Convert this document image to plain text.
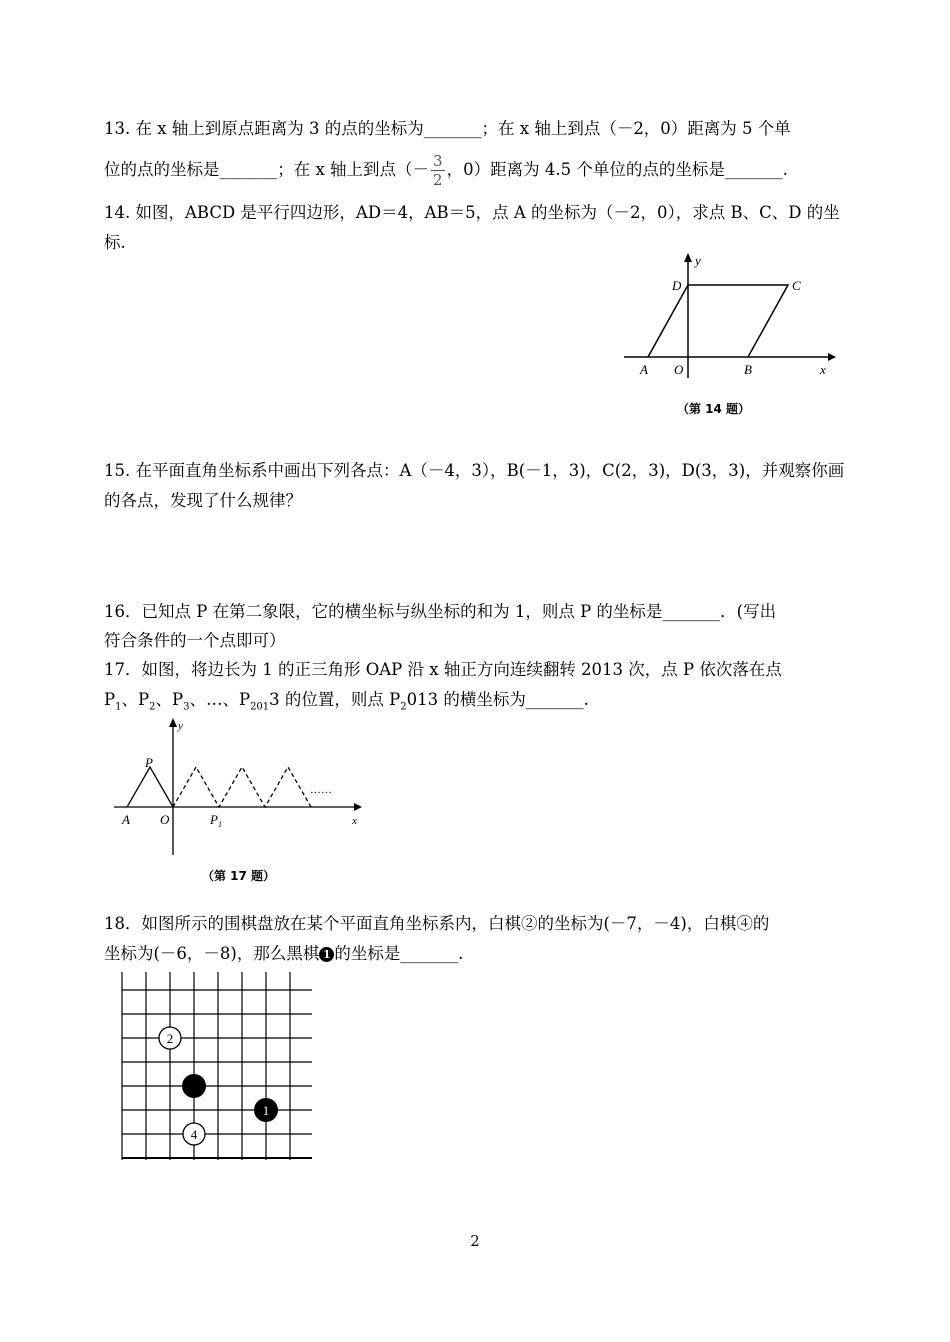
13. 在 x 轴上到原点距离为 3 的点的坐标为_______；在 x 轴上到点（－2，0）距离为 5 个单
位的点的坐标是_______；在 x 轴上到点（－ $\frac{3}{2}$ ，0）距离为 4.5 个单位的点的坐标是_______.
14. 如图，ABCD 是平行四边形，AD＝4，AB＝5，点 A 的坐标为（－2，0），求点 B、C、D 的坐
标.
y
D	C
A O	B	x
（第 14 题）
15. 在平面直角坐标系中画出下列各点：A（－4，3），B(－1，3)，C(2，3)，D(3，3)，并观察你画
的各点，发现了什么规律？
16．已知点 P 在第二象限，它的横坐标与纵坐标的和为 1，则点 P 的坐标是_______．(写出
符合条件的一个点即可）
17．如图，将边长为 1 的正三角形 OAP 沿 x 轴正方向连续翻转 2013 次，点 P 依次落在点
$P_1$、$P_2$、$P_3$、…、$P_{201}3$ 的位置，则点 $P_2013$ 的横坐标为_______.
y
P
A O	$P_1$
……
x
（第 17 题）
18．如图所示的围棋盘放在某个平面直角坐标系内，白棋②的坐标为(－7，－4)，白棋④的
坐标为(－6，－8)，那么黑棋 1 的坐标是_______.
2
1
4
2
